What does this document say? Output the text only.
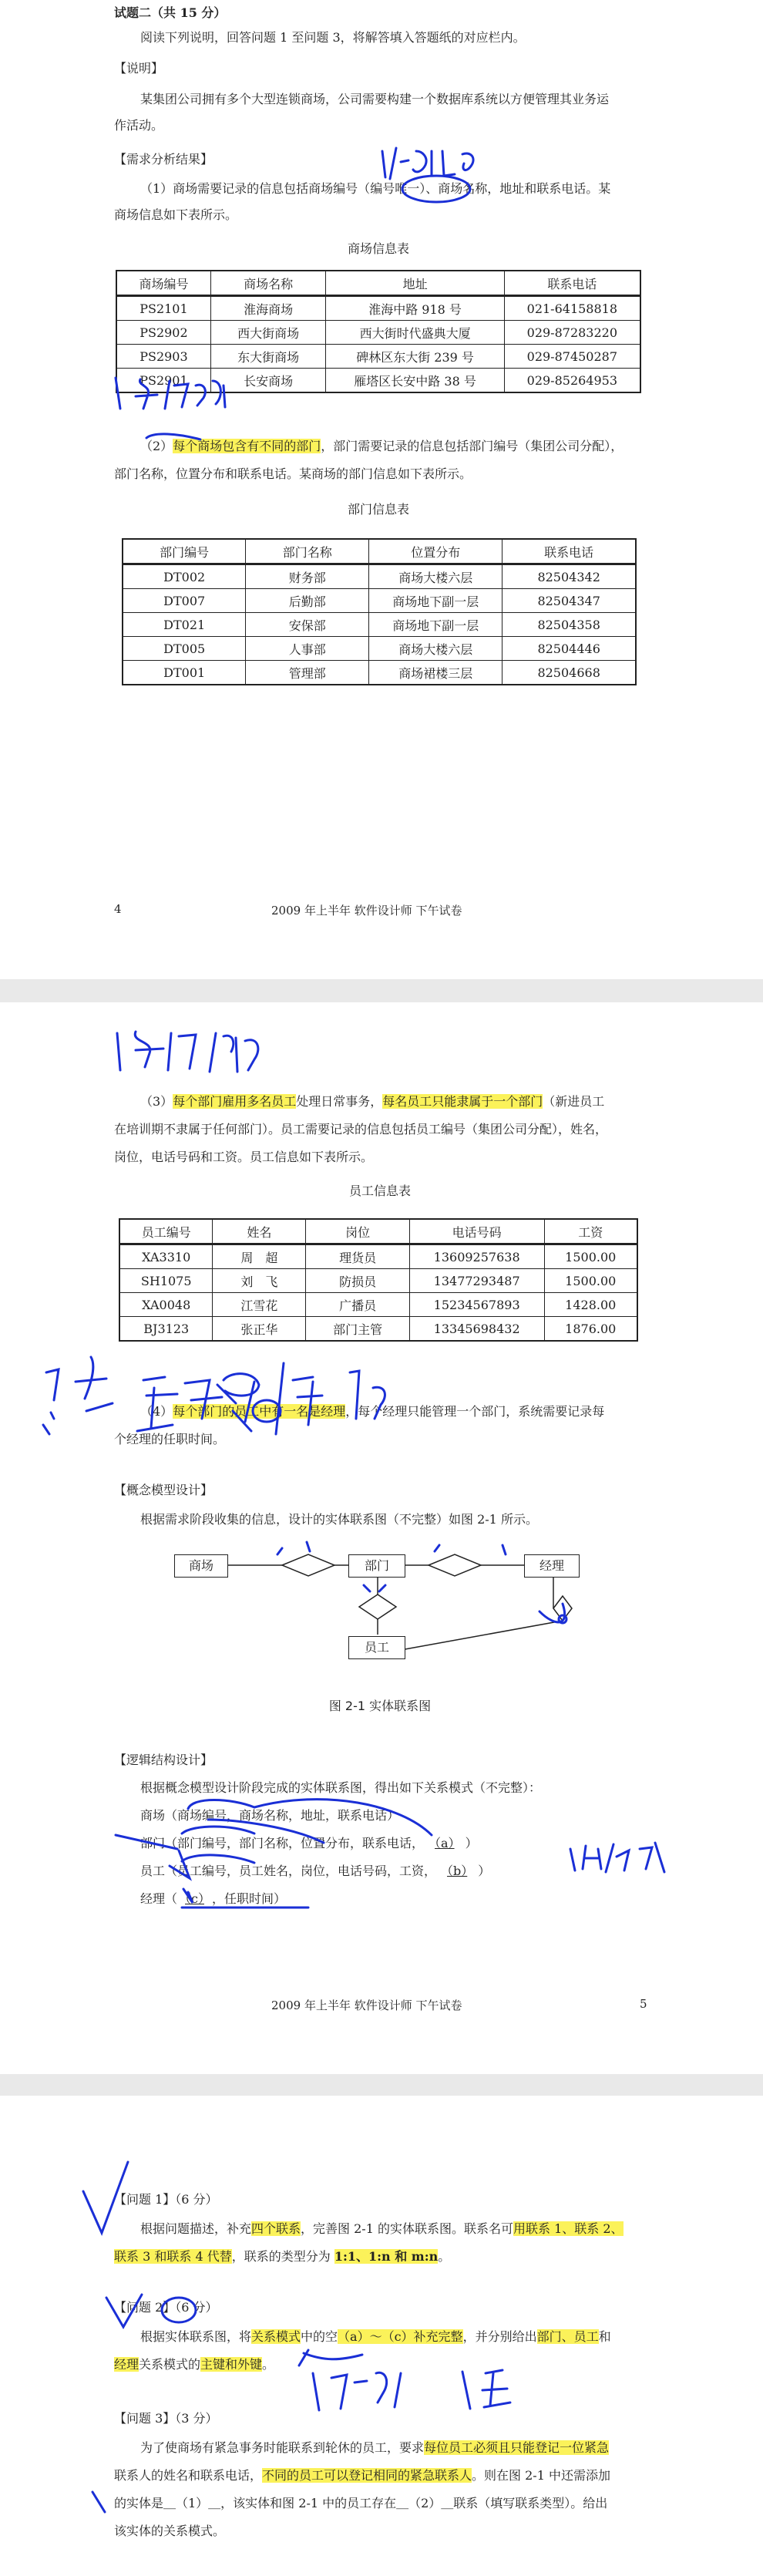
试题二（共 15 分）
阅读下列说明，回答问题 1 至问题 3，将解答填入答题纸的对应栏内。
【说明】
某集团公司拥有多个大型连锁商场，公司需要构建一个数据库系统以方便管理其业务运
作活动。
【需求分析结果】
（1）商场需要记录的信息包括商场编号（编号唯一）、商场名称，地址和联系电话。某
商场信息如下表所示。
商场信息表
商场编号	商场名称	地址	联系电话
PS2101	淮海商场	淮海中路 918 号	021-64158818
PS2902	西大街商场	西大街时代盛典大厦	029-87283220
PS2903	东大街商场	碑林区东大街 239 号	029-87450287
PS2901	长安商场	雁塔区长安中路 38 号	029-85264953
（2）每个商场包含有不同的部门，部门需要记录的信息包括部门编号（集团公司分配），
部门名称，位置分布和联系电话。某商场的部门信息如下表所示。
部门信息表
部门编号	部门名称	位置分布	联系电话
DT002	财务部	商场大楼六层	82504342
DT007	后勤部	商场地下副一层	82504347
DT021	安保部	商场地下副一层	82504358
DT005	人事部	商场大楼六层	82504446
DT001	管理部	商场裙楼三层	82504668
4	2009 年上半年 软件设计师 下午试卷
（3）每个部门雇用多名员工处理日常事务，每名员工只能隶属于一个部门（新进员工
在培训期不隶属于任何部门）。员工需要记录的信息包括员工编号（集团公司分配），姓名，
岗位，电话号码和工资。员工信息如下表所示。
员工信息表
员工编号	姓名	岗位	电话号码	工资
XA3310	周　超	理货员	13609257638	1500.00
SH1075	刘　飞	防损员	13477293487	1500.00
XA0048	江雪花	广播员	15234567893	1428.00
BJ3123	张正华	部门主管	13345698432	1876.00
（4）每个部门的员工中有一名是经理，每个经理只能管理一个部门，系统需要记录每
个经理的任职时间。
【概念模型设计】
根据需求阶段收集的信息，设计的实体联系图（不完整）如图 2-1 所示。
商场	部门	经理
员工
图 2-1 实体联系图
【逻辑结构设计】
根据概念模型设计阶段完成的实体联系图，得出如下关系模式（不完整）：
商场（商场编号，商场名称，地址，联系电话）
部门（部门编号，部门名称，位置分布，联系电话， （a） ）
员工（员工编号，员工姓名，岗位，电话号码，工资， （b） ）
经理（ （c） ，任职时间）
2009 年上半年 软件设计师 下午试卷	5
【问题 1】（6 分）
根据问题描述，补充四个联系，完善图 2-1 的实体联系图。联系名可用联系 1、联系 2、
联系 3 和联系 4 代替，联系的类型分为 1:1、1:n 和 m:n。
【问题 2】（6 分）
根据实体联系图，将关系模式中的空（a）～（c）补充完整，并分别给出部门、员工和
经理关系模式的主键和外键。
【问题 3】（3 分）
为了使商场有紧急事务时能联系到轮休的员工，要求每位员工必须且只能登记一位紧急
联系人的姓名和联系电话，不同的员工可以登记相同的紧急联系人。则在图 2-1 中还需添加
的实体是＿（1）＿，该实体和图 2-1 中的员工存在＿（2）＿联系（填写联系类型）。给出
该实体的关系模式。
